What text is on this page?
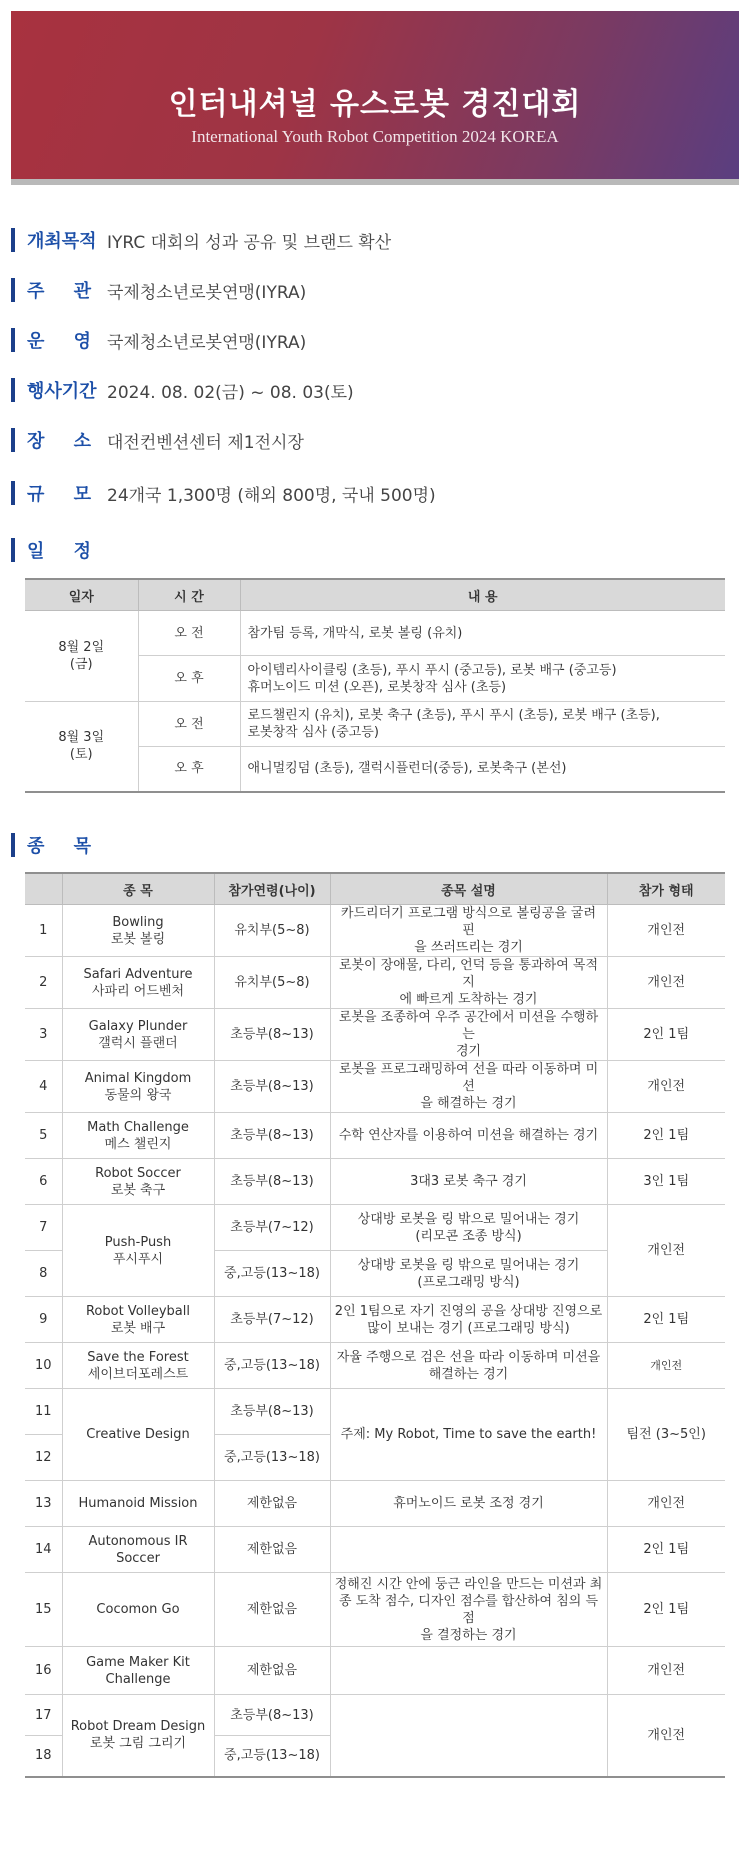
인터내셔널 유스로봇 경진대회
International Youth Robot Competition 2024 KOREA
개최목적 IYRC 대회의 성과 공유 및 브랜드 확산
주 관 국제청소년로봇연맹(IYRA)
운 영 국제청소년로봇연맹(IYRA)
행사기간 2024. 08. 02(금) ~ 08. 03(토)
장 소 대전컨벤션센터 제1전시장
규 모 24개국 1,300명 (해외 800명, 국내 500명)
일 정
일자	시 간	내 용
8월 2일
(금)	오 전	참가팀 등록, 개막식, 로봇 볼링 (유치)
	오 후	아이템리사이클링 (초등), 푸시 푸시 (중고등), 로봇 배구 (중고등)
휴머노이드 미션 (오픈), 로봇창작 심사 (초등)
8월 3일
(토)	오 전	로드챌린지 (유치), 로봇 축구 (초등), 푸시 푸시 (초등), 로봇 배구 (초등),
로봇창작 심사 (중고등)
	오 후	애니멀킹덤 (초등), 갤럭시플런더(중등), 로봇축구 (본선)
종 목
	종 목	참가연령(나이)	종목 설명	참가 형태
1	Bowling
로봇 볼링	유치부(5~8)	카드리더기 프로그램 방식으로 볼링공을 굴려 핀
을 쓰러뜨리는 경기	개인전
2	Safari Adventure
사파리 어드벤처	유치부(5~8)	로봇이 장애물, 다리, 언덕 등을 통과하여 목적지
에 빠르게 도착하는 경기	개인전
3	Galaxy Plunder
갤럭시 플랜더	초등부(8~13)	로봇을 조종하여 우주 공간에서 미션을 수행하는
경기	2인 1팀
4	Animal Kingdom
동물의 왕국	초등부(8~13)	로봇을 프로그래밍하여 선을 따라 이동하며 미션
을 해결하는 경기	개인전
5	Math Challenge
메스 챌린지	초등부(8~13)	수학 연산자를 이용하여 미션을 해결하는 경기	2인 1팀
6	Robot Soccer
로봇 축구	초등부(8~13)	3대3 로봇 축구 경기	3인 1팀
7	Push-Push
푸시푸시	초등부(7~12)	상대방 로봇을 링 밖으로 밀어내는 경기
(리모콘 조종 방식)	개인전
8		중,고등(13~18)	상대방 로봇을 링 밖으로 밀어내는 경기
(프로그래밍 방식)	
9	Robot Volleyball
로봇 배구	초등부(7~12)	2인 1팀으로 자기 진영의 공을 상대방 진영으로
많이 보내는 경기 (프로그래밍 방식)	2인 1팀
10	Save the Forest
세이브더포레스트	중,고등(13~18)	자율 주행으로 검은 선을 따라 이동하며 미션을
해결하는 경기	개인전
11	Creative Design	초등부(8~13)	주제: My Robot, Time to save the earth!	팀전 (3~5인)
12		중,고등(13~18)		
13	Humanoid Mission	제한없음	휴머노이드 로봇 조정 경기	개인전
14	Autonomous IR
Soccer	제한없음		2인 1팀
15	Cocomon Go	제한없음	정해진 시간 안에 둥근 라인을 만드는 미션과 최
종 도착 점수, 디자인 점수를 합산하여 침의 득점
을 결정하는 경기	2인 1팀
16	Game Maker Kit
Challenge	제한없음		개인전
17	Robot Dream Design
로봇 그림 그리기	초등부(8~13)		개인전
18		중,고등(13~18)		
